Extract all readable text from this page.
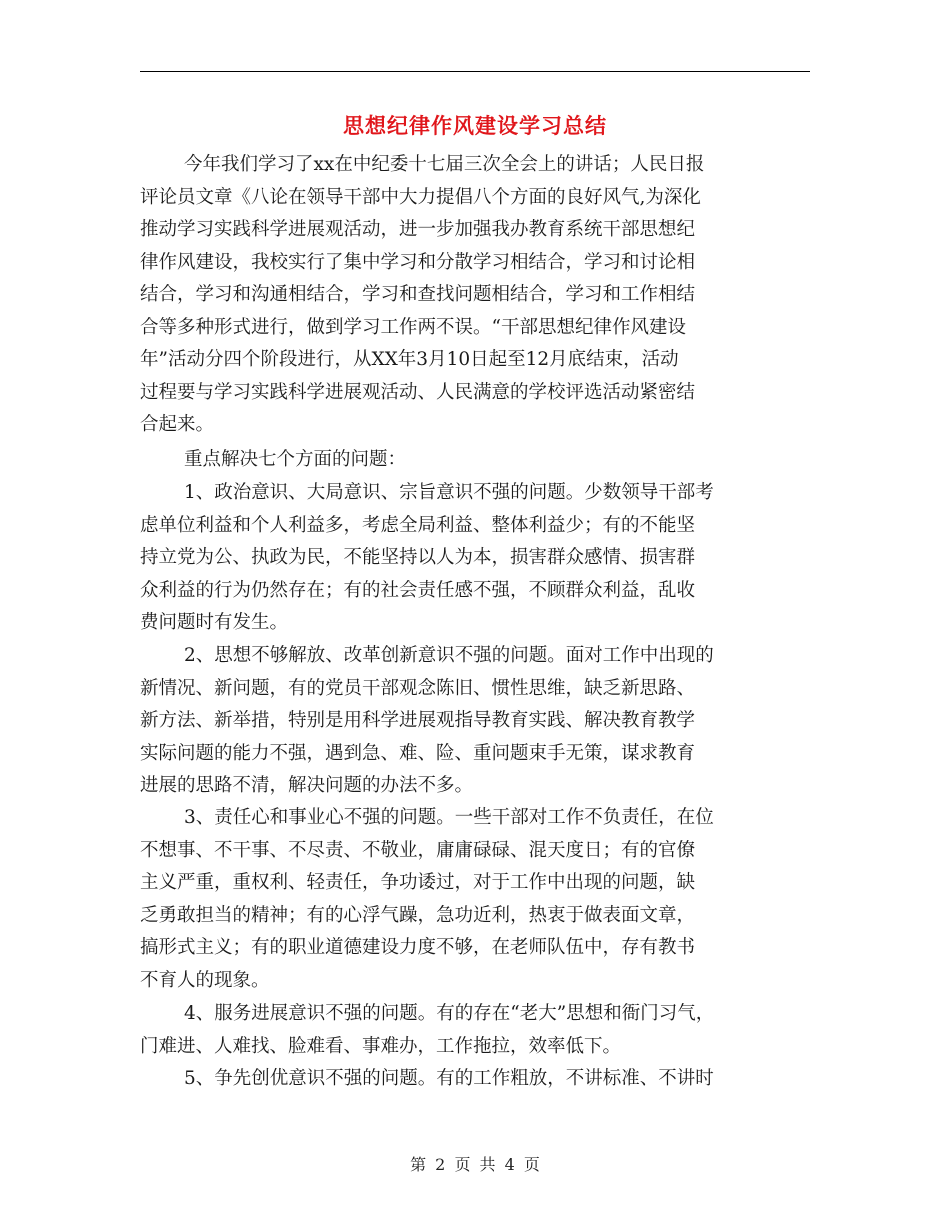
思想纪律作风建设学习总结
今年我们学习了xx在中纪委十七届三次全会上的讲话；人民日报
评论员文章《八论在领导干部中大力提倡八个方面的良好风气,为深化
推动学习实践科学进展观活动，进一步加强我办教育系统干部思想纪
律作风建设，我校实行了集中学习和分散学习相结合，学习和讨论相
结合，学习和沟通相结合，学习和查找问题相结合，学习和工作相结
合等多种形式进行，做到学习工作两不误。“干部思想纪律作风建设
年”活动分四个阶段进行，从XX年3月10日起至12月底结束，活动
过程要与学习实践科学进展观活动、人民满意的学校评选活动紧密结
合起来。
重点解决七个方面的问题：
1、政治意识、大局意识、宗旨意识不强的问题。少数领导干部考
虑单位利益和个人利益多，考虑全局利益、整体利益少；有的不能坚
持立党为公、执政为民，不能坚持以人为本，损害群众感情、损害群
众利益的行为仍然存在；有的社会责任感不强，不顾群众利益，乱收
费问题时有发生。
2、思想不够解放、改革创新意识不强的问题。面对工作中出现的
新情况、新问题，有的党员干部观念陈旧、惯性思维，缺乏新思路、
新方法、新举措，特别是用科学进展观指导教育实践、解决教育教学
实际问题的能力不强，遇到急、难、险、重问题束手无策，谋求教育
进展的思路不清，解决问题的办法不多。
3、责任心和事业心不强的问题。一些干部对工作不负责任，在位
不想事、不干事、不尽责、不敬业，庸庸碌碌、混天度日；有的官僚
主义严重，重权利、轻责任，争功诿过，对于工作中出现的问题，缺
乏勇敢担当的精神；有的心浮气躁，急功近利，热衷于做表面文章，
搞形式主义；有的职业道德建设力度不够，在老师队伍中，存有教书
不育人的现象。
4、服务进展意识不强的问题。有的存在“老大”思想和衙门习气，
门难进、人难找、脸难看、事难办，工作拖拉，效率低下。
5、争先创优意识不强的问题。有的工作粗放，不讲标准、不讲时
第 2 页 共 4 页
